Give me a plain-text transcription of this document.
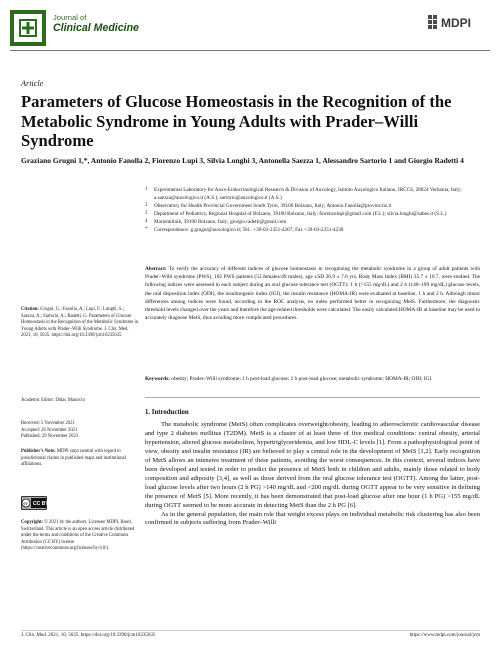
Journal of
Clinical Medicine	MDPI
Article
Parameters of Glucose Homeostasis in the Recognition of the Metabolic Syndrome in Young Adults with Prader–Willi Syndrome
Graziano Grugni 1,*, Antonio Fanolla 2, Fiorenzo Lupi 3, Silvia Longhi 3, Antonella Saezza 1, Alessandro Sartorio 1 and Giorgio Radetti 4
1	Experimental Laboratory for Auxo-Endocrinological Research & Division of Auxology, Istituto Auxologico Italiano, IRCCS, 28824 Verbania, Italy; a.saezza@auxologico.it (A.S.); sartorio@auxologico.it (A.S.)
2	Observatory for Health Provincial Government South Tyrol, 39100 Bolzano, Italy; Antonio.Fanolla@provinz.bz.it
3	Department of Pediatrics, Regional Hospital of Bolzano, 39100 Bolzano, Italy; fiorenzolupi@gmail.com (F.L.); silvia.longhi@sabes.it (S.L.)
4	Marienklinik, 39100 Bolzano, Italy; giorgio.radetti@gmail.com
*	Correspondence: g.grugni@auxologico.it; Tel.: +39-03-2351-4267; Fax +39-03-2351-4230
Abstract: To verify the accuracy of different indices of glucose homeostasis in recognizing the metabolic syndrome in a group of adult patients with Prader–Willi syndrome (PWS), 102 PWS patients (53 females/49 males), age ±SD 26.9 ± 7.6 yrs, Body Mass Index (BMI) 35.7 ± 10.7, were studied. The following indices were assessed in each subject during an oral glucose tolerance test (OGTT): 1 h (>155 mg/dL) and 2 h (140–199 mg/dL) glucose levels, the oral disposition index (ODI), the insulinogenic index (IGI), the insulin resistance (HOMA-IR) were evaluated at baseline, 1 h and 2 h. Although minor differences among indices were found, according to the ROC analysis, no index performed better in recognizing MetS. Furthermore, the diagnostic threshold levels changed over the years and therefore the age-related thresholds were calculated. The easily calculated HOMA-IR at baseline may be used to accurately diagnose MetS, thus avoiding more complicated procedures.
Keywords: obesity; Prader–Willi syndrome; 1 h post-load glucose; 2 h post-load glucose; metabolic syndrome; HOMA-IR; ODI; IGI
Citation: Grugni, G.; Fanolla, A.; Lupi, F.; Longhi, S.; Saezza, A.; Sartorio, A.; Radetti, G. Parameters of Glucose Homeostasis in the Recognition of the Metabolic Syndrome in Young Adults with Prader–Willi Syndrome. J. Clin. Med. 2021, 10, 5635. https://doi.org/10.3390/jcm10235635
Academic Editor: Didac Mauricio
Received: 5 November 2021
Accepted: 26 November 2021
Published: 29 November 2021
Publisher’s Note: MDPI stays neutral with regard to jurisdictional claims in published maps and institutional affiliations.
cc CC BY
Copyright: © 2021 by the authors. Licensee MDPI, Basel, Switzerland. This article is an open access article distributed under the terms and conditions of the Creative Commons Attribution (CC BY) license (https://creativecommons.org/licenses/by/4.0/).
1. Introduction

The metabolic syndrome (MetS) often complicates overweight/obesity, leading to atherosclerotic cardiovascular disease and type 2 diabetes mellitus (T2DM). MetS is a cluster of at least three of five medical conditions: central obesity, arterial hypertension, altered glucose metabolism, hypertriglyceridemia, and low HDL-C levels [1]. From a pathophysiological point of view, obesity and insulin resistance (IR) are believed to play a central role in the development of MetS [1,2]. Early recognition of MetS allows an intensive treatment of these patients, avoiding the worst consequences. In this context, several indices have been developed and tested in order to predict the presence of MetS both in children and adults, mainly those related to body composition and adiposity [3,4], as well as those derived from the oral glucose tolerance test (OGTT). Among the latter, post-load glucose levels after two hours (2 h PG) >140 mg/dL and <200 mg/dL during OGTT appear to be very sensitive in defining the presence of MetS [5]. More recently, it has been demonstrated that post-load glucose after one hour (1 h PG) >155 mg/dL during OGTT seemed to be more accurate in detecting MetS than the 2 h PG [6].

As in the general population, the main role that weight excess plays on individual metabolic risk clustering has also been confirmed in subjects suffering from Prader–Willi

J. Clin. Med. 2021, 10, 5635. https://doi.org/10.3390/jcm10235635	https://www.mdpi.com/journal/jcm
